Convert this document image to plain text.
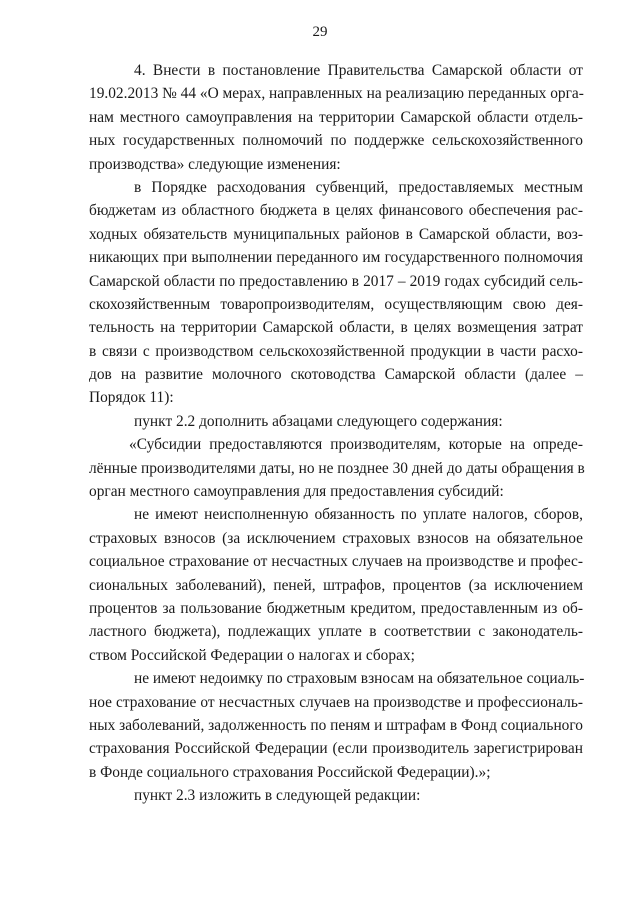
29
4. Внести в постановление Правительства Самарской области от
19.02.2013 № 44 «О мерах, направленных на реализацию переданных орга-
нам местного самоуправления на территории Самарской области отдель-
ных государственных полномочий по поддержке сельскохозяйственного
производства» следующие изменения:
в Порядке расходования субвенций, предоставляемых местным
бюджетам из областного бюджета в целях финансового обеспечения рас-
ходных обязательств муниципальных районов в Самарской области, воз-
никающих при выполнении переданного им государственного полномочия
Самарской области по предоставлению в 2017 – 2019 годах субсидий сель-
скохозяйственным товаропроизводителям, осуществляющим свою дея-
тельность на территории Самарской области, в целях возмещения затрат
в связи с производством сельскохозяйственной продукции в части расхо-
дов на развитие молочного скотоводства Самарской области (далее –
Порядок 11):
пункт 2.2 дополнить абзацами следующего содержания:
«Субсидии предоставляются производителям, которые на опреде-
лённые производителями даты, но не позднее 30 дней до даты обращения в
орган местного самоуправления для предоставления субсидий:
не имеют неисполненную обязанность по уплате налогов, сборов,
страховых взносов (за исключением страховых взносов на обязательное
социальное страхование от несчастных случаев на производстве и профес-
сиональных заболеваний), пеней, штрафов, процентов (за исключением
процентов за пользование бюджетным кредитом, предоставленным из об-
ластного бюджета), подлежащих уплате в соответствии с законодатель-
ством Российской Федерации о налогах и сборах;
не имеют недоимку по страховым взносам на обязательное социаль-
ное страхование от несчастных случаев на производстве и профессиональ-
ных заболеваний, задолженность по пеням и штрафам в Фонд социального
страхования Российской Федерации (если производитель зарегистрирован
в Фонде социального страхования Российской Федерации).»;
пункт 2.3 изложить в следующей редакции:
